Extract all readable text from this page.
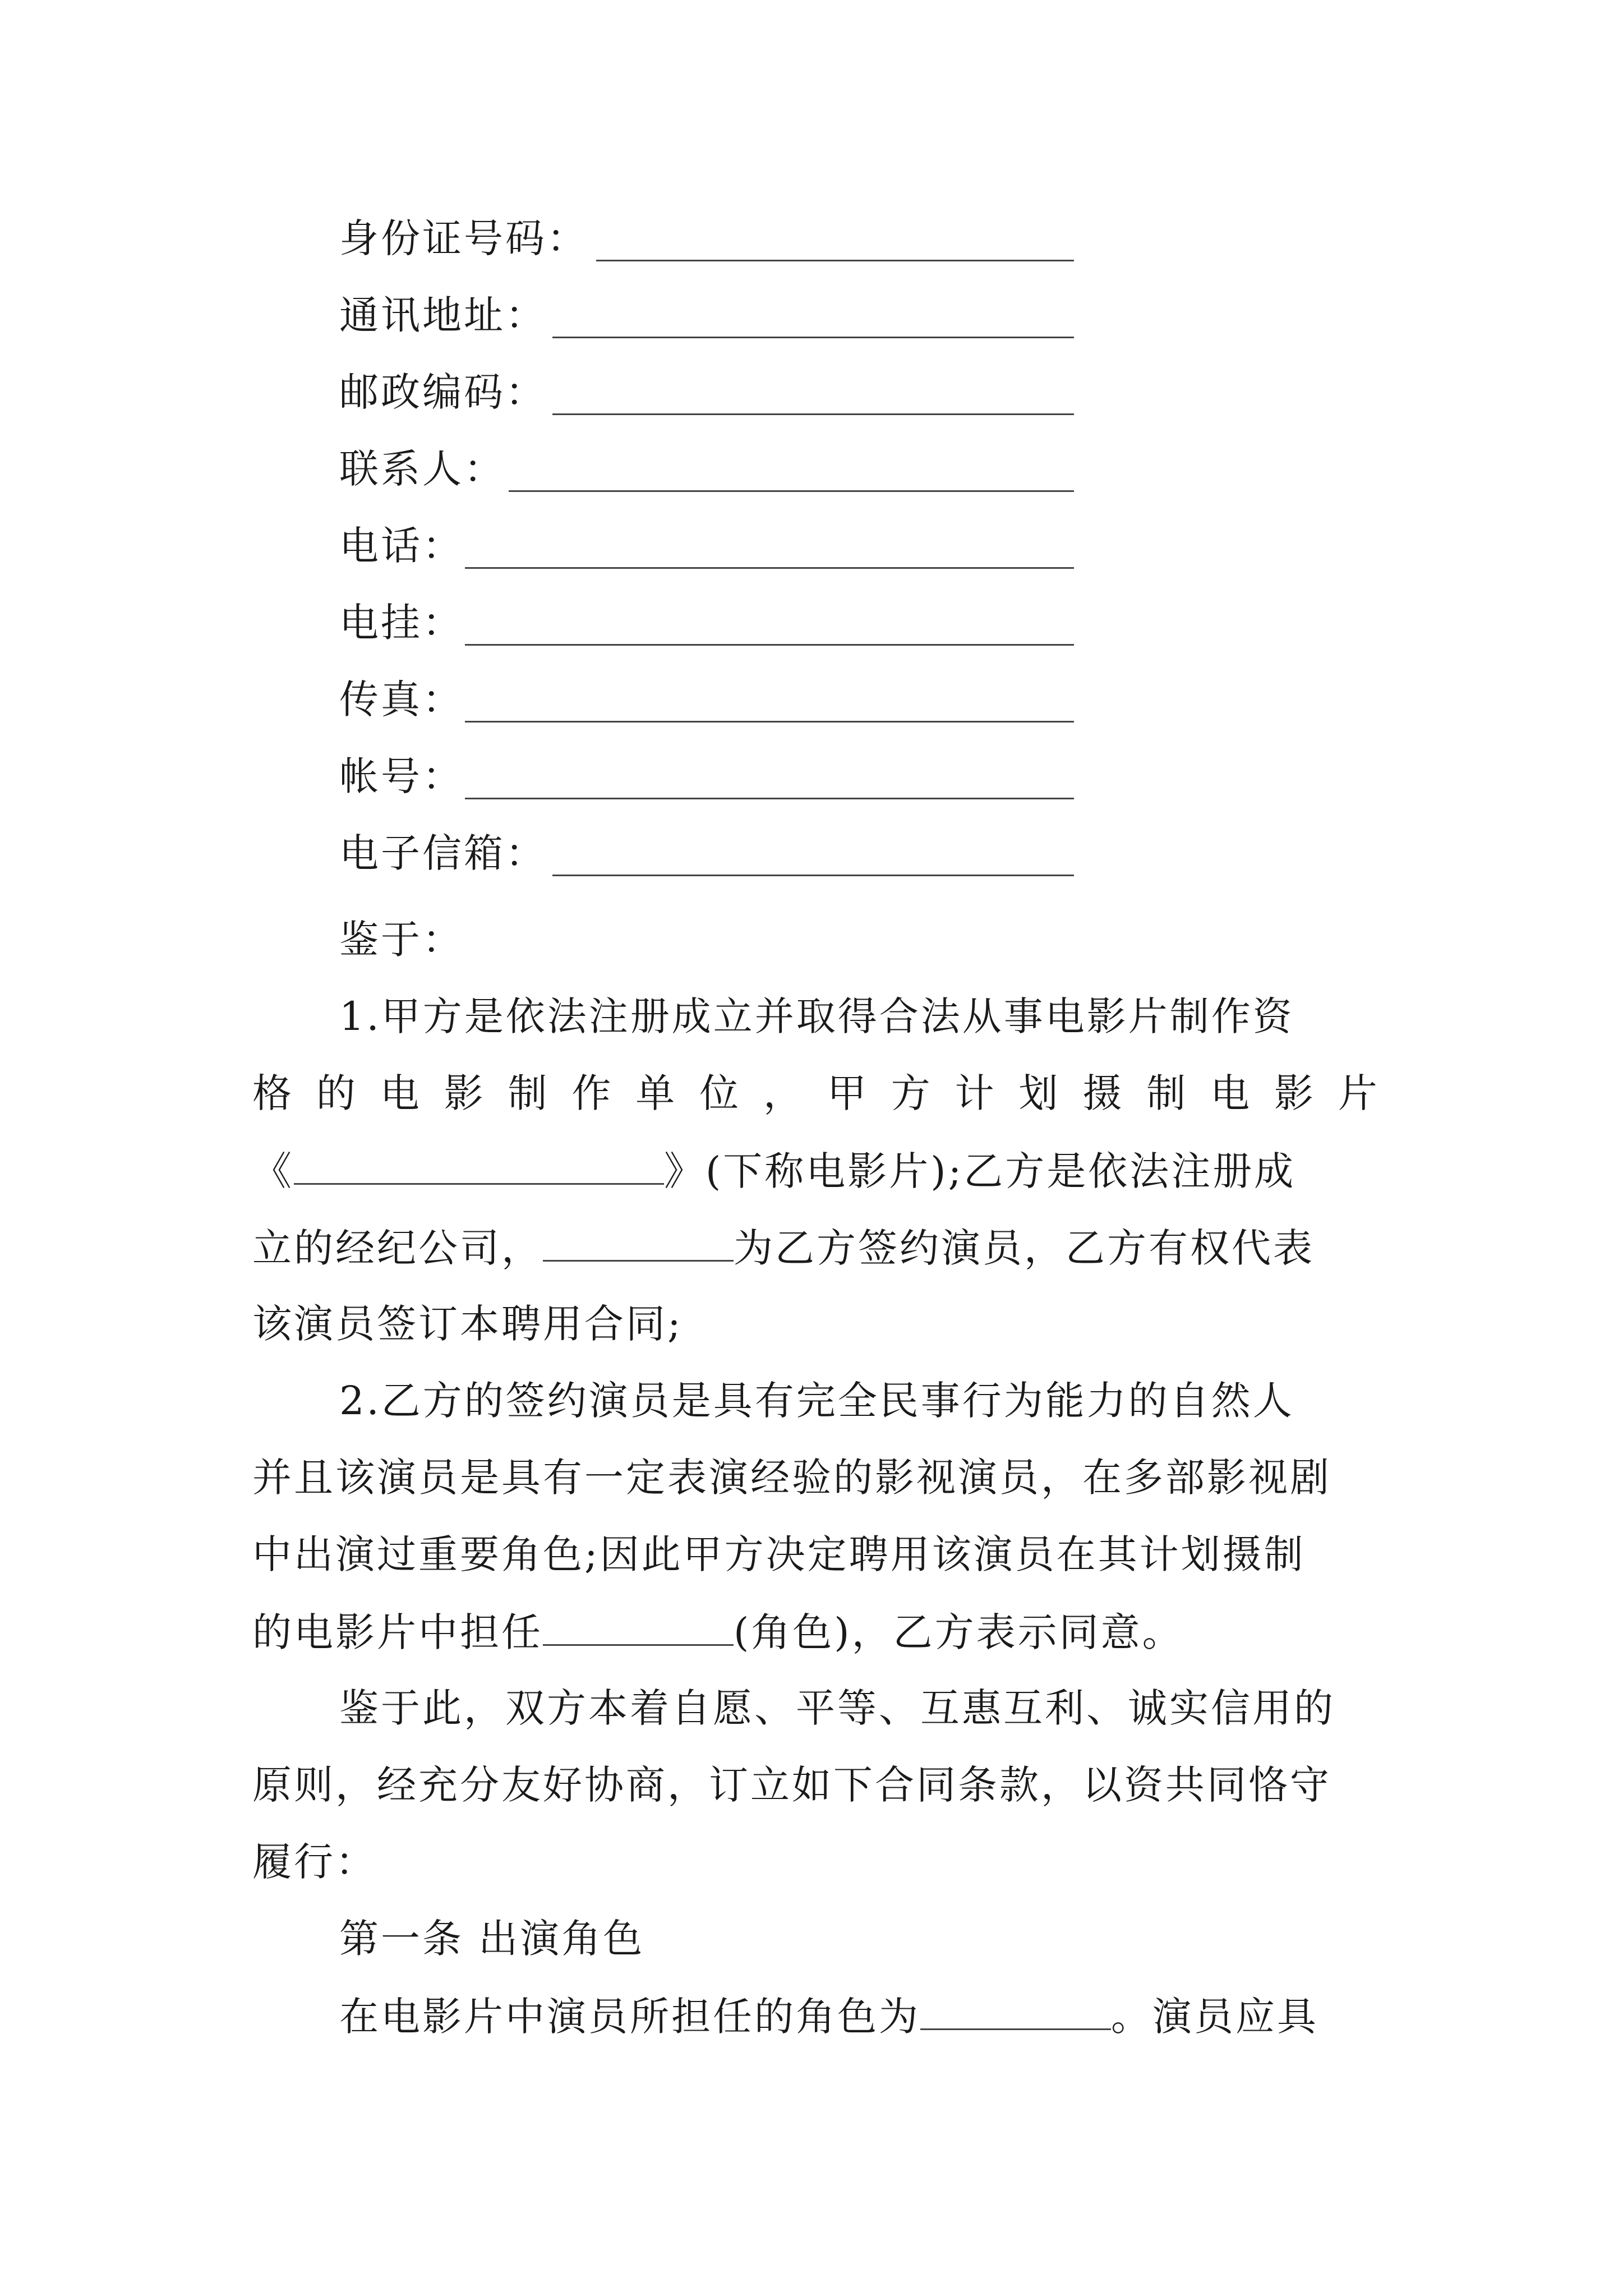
身份证号码：
通讯地址：
邮政编码：
联系人：
电话：
电挂：
传真：
帐号：
电子信箱：
鉴于：
1.甲方是依法注册成立并取得合法从事电影片制作资
格 的 电 影 制 作 单 位 ， 甲 方 计 划 摄 制 电 影 片
《	》(下称电影片);乙方是依法注册成
立的经纪公司，	为乙方签约演员，乙方有权代表
该演员签订本聘用合同;
2.乙方的签约演员是具有完全民事行为能力的自然人
并且该演员是具有一定表演经验的影视演员，在多部影视剧
中出演过重要角色;因此甲方决定聘用该演员在其计划摄制
的电影片中担任	(角色)，乙方表示同意。
鉴于此，双方本着自愿、平等、互惠互利、诚实信用的
原则，经充分友好协商，订立如下合同条款，以资共同恪守
履行：
第一条 出演角色
在电影片中演员所担任的角色为	。演员应具
